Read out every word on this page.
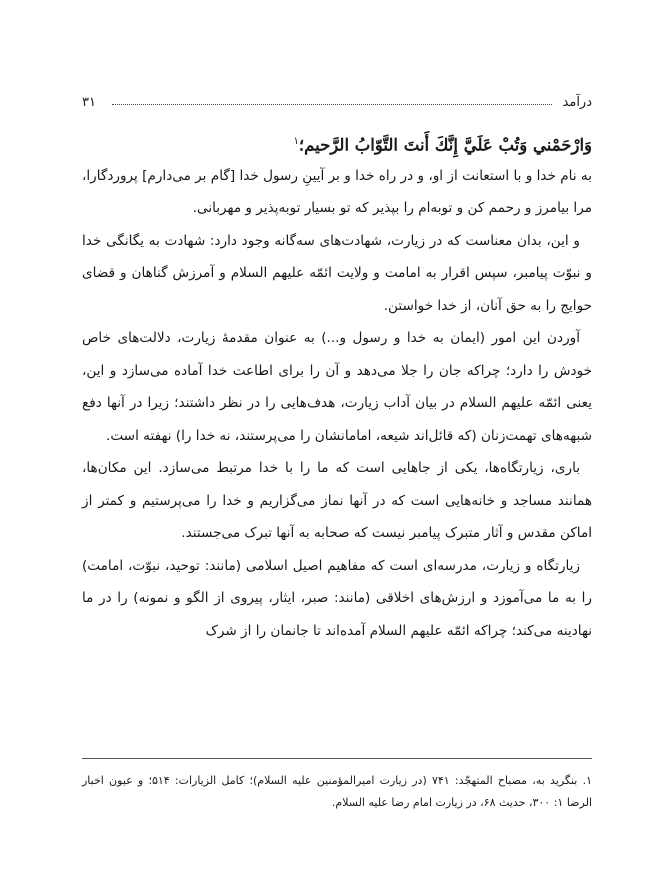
درآمد
۳۱
وَارْحَمْني وَتُبْ عَلَيَّ إِنَّكَ أَنتَ التَّوّابُ الرَّحيم؛$^۱$

به نام خدا و با استعانت از او، و در راه خدا و بر آیینِ رسول خدا [گام بر می‌دارم] پروردگارا، مرا بیامرز و رحمم کن و توبه‌ام را بپذیر که تو بسیار توبه‌پذیر و مهربانی.

و این، بدان معناست که در زیارت، شهادت‌های سه‌گانه وجود دارد: شهادت به یگانگی خدا و نبوّت پیامبر، سپس اقرار به امامت و ولایت ائمّه علیهم السلام و آمرزش گناهان و قضای حوایج را به حق آنان، از خدا خواستن.

آوردن این امور (ایمان به خدا و رسول و...) به عنوان مقدمهٔ زیارت، دلالت‌های خاص خودش را دارد؛ چراکه جان را جلا می‌دهد و آن را برای اطاعت خدا آماده می‌سازد و این، یعنی ائمّه علیهم السلام در بیان آداب زیارت، هدف‌هایی را در نظر داشتند؛ زیرا در آنها دفع شبهه‌های تهمت‌زنان (که قائل‌اند شیعه، امامانشان را می‌پرستند، نه خدا را) نهفته است.

باری، زیارتگاه‌ها، یکی از جاهایی است که ما را با خدا مرتبط می‌سازد. این مکان‌ها، همانند مساجد و خانه‌هایی است که در آنها نماز می‌گزاریم و خدا را می‌پرستیم و کمتر از اماکن مقدس و آثار متبرک پیامبر نیست که صحابه به آنها تبرک می‌جستند.

زیارتگاه و زیارت، مدرسه‌ای است که مفاهیم اصیل اسلامی (مانند: توحید، نبوّت، امامت) را به ما می‌آموزد و ارزش‌های اخلاقی (مانند: صبر، ایثار، پیروی از الگو و نمونه) را در ما نهادینه می‌کند؛ چراکه ائمّه علیهم السلام آمده‌اند تا جانمان را از شرک

۱. بنگرید به، مصباح المتهجّد: ۷۴۱ (در زیارت امیرالمؤمنین علیه السلام)؛ کامل الزیارات: ۵۱۴؛ و عیون اخبار الرضا ۱: ۳۰۰، حدیث ۶۸، در زیارت امام رضا علیه السلام.
